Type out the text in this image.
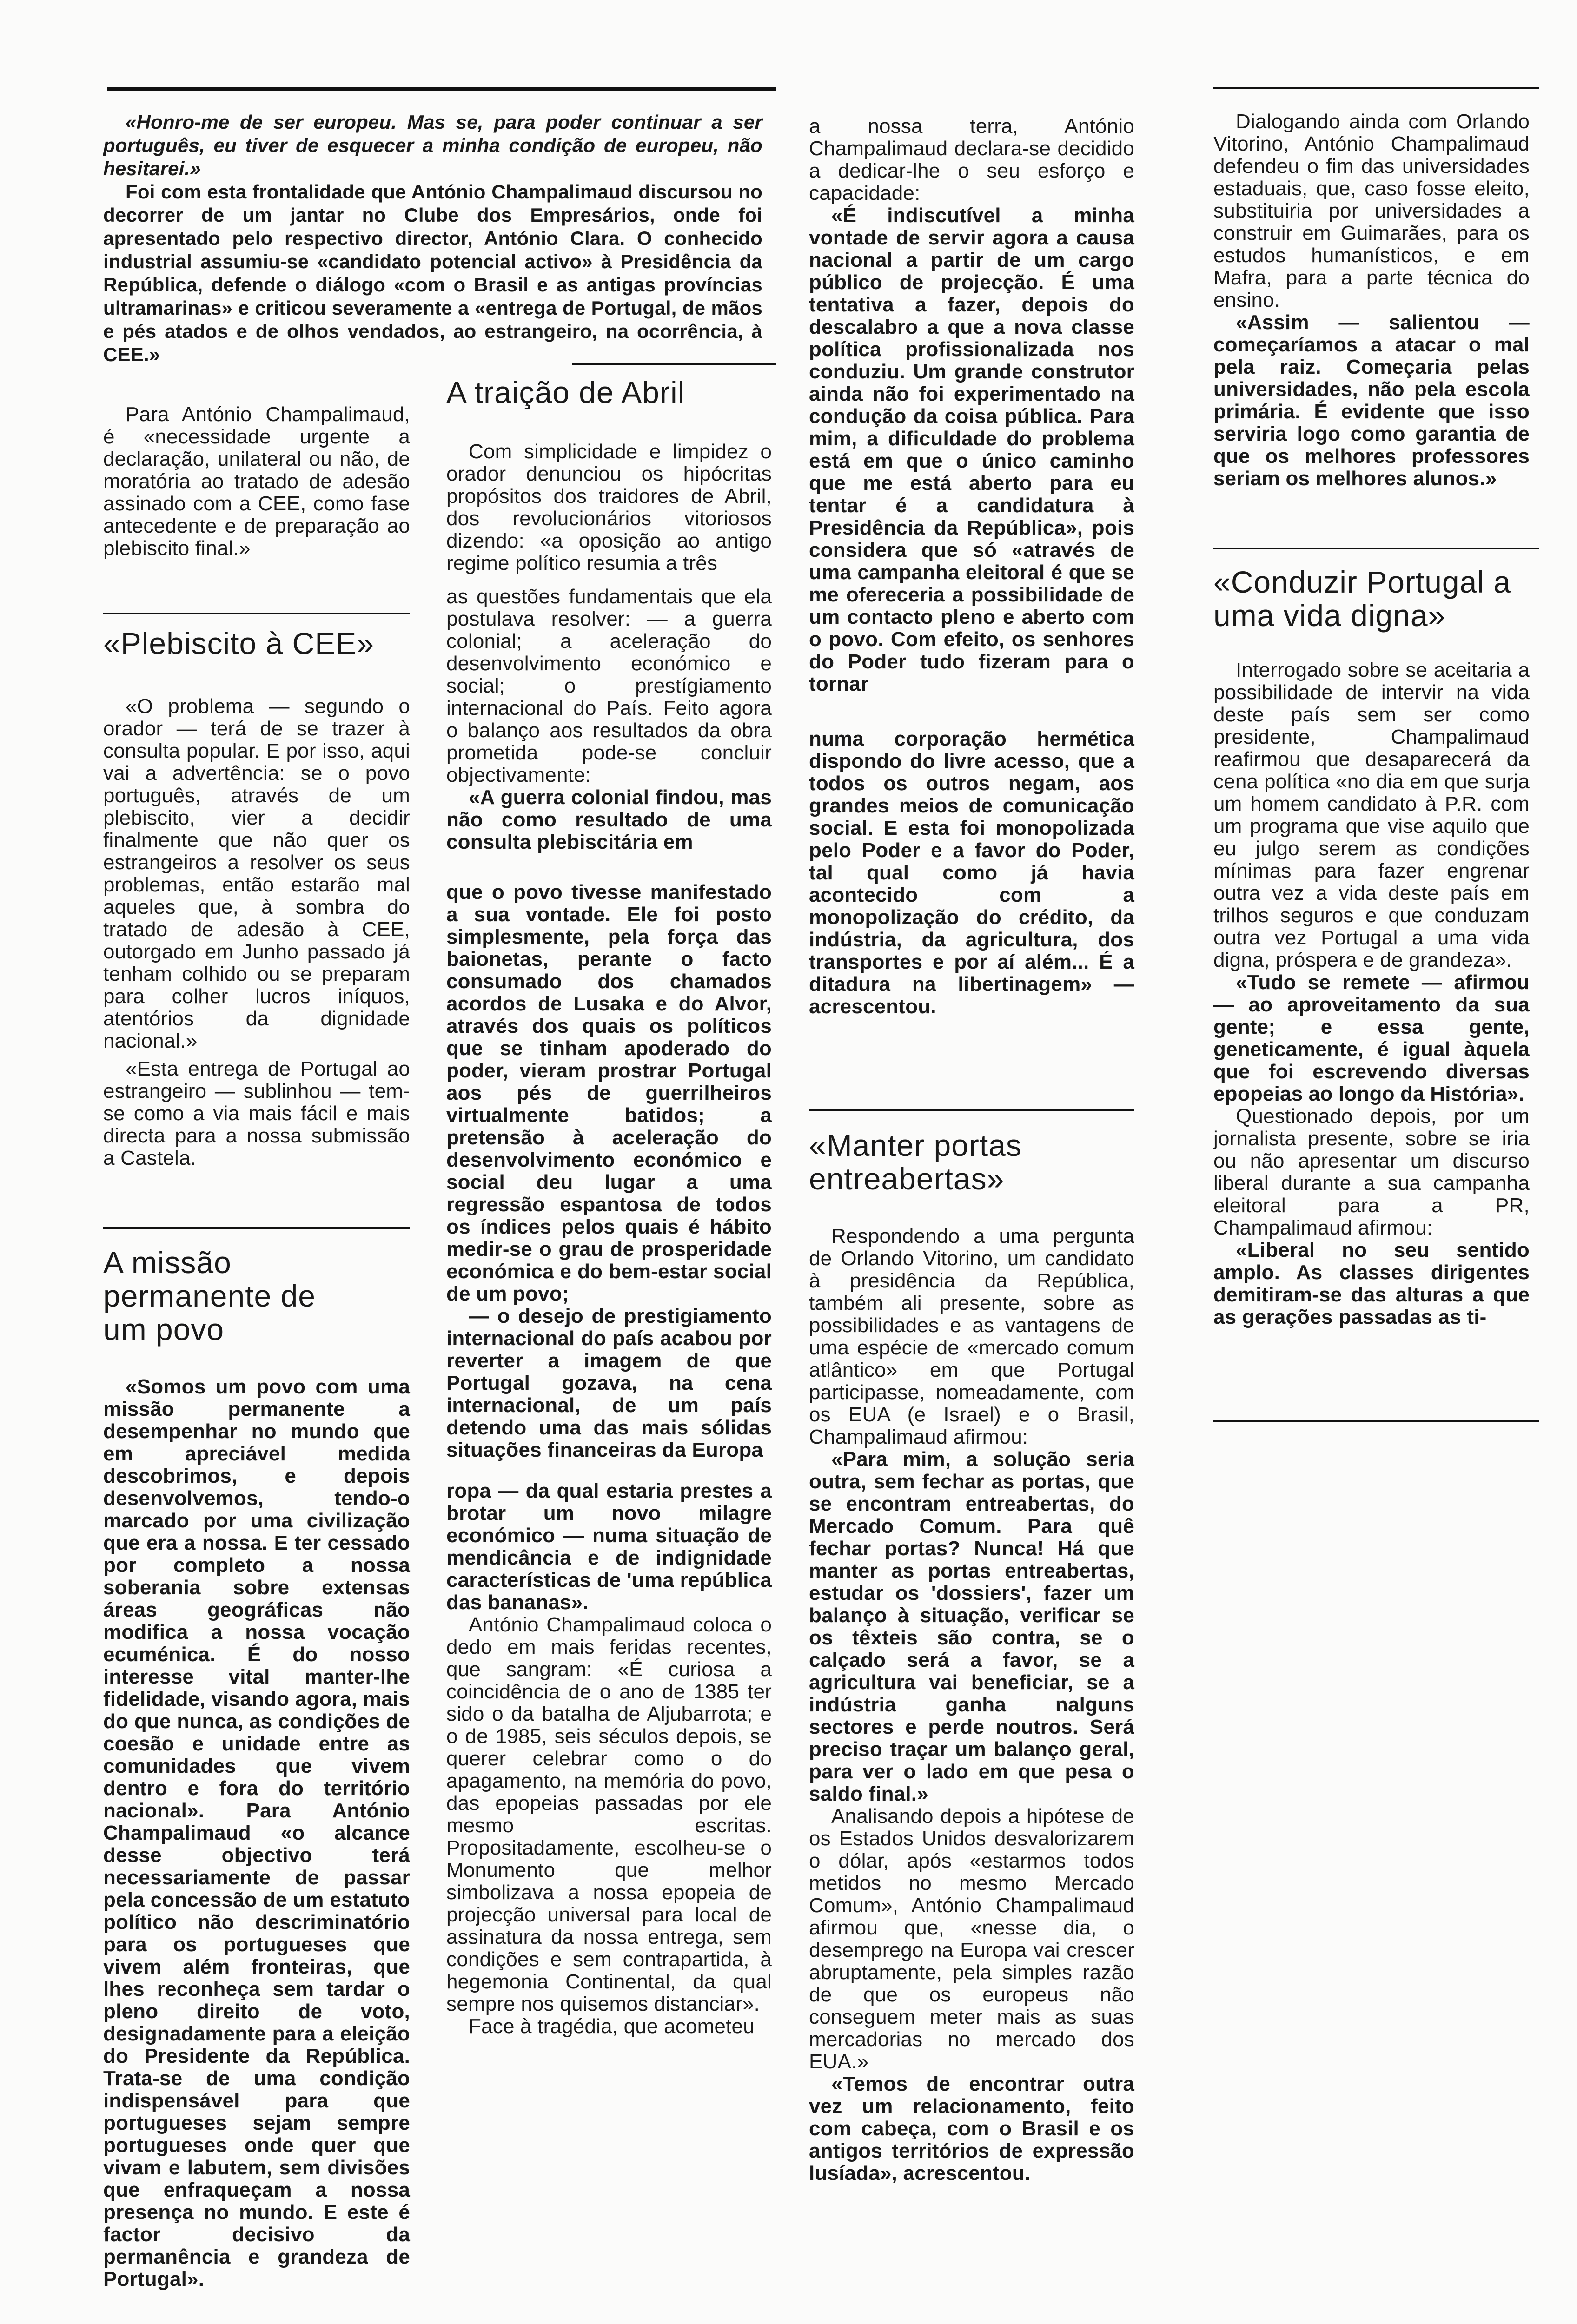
«Honro-me de ser europeu. Mas se, para poder continuar a ser português, eu tiver de esquecer a minha condição de europeu, não hesitarei.»

Foi com esta frontalidade que António Champalimaud discursou no decorrer de um jantar no Clube dos Empresários, onde foi apresentado pelo respectivo director, António Clara. O conhecido industrial assumiu-se «candidato potencial activo» à Presidência da República, defende o diálogo «com o Brasil e as antigas províncias ultramarinas» e criticou severamente a «entrega de Portugal, de mãos e pés atados e de olhos vendados, ao estrangeiro, na ocorrência, à CEE.»

Para António Champalimaud, é «necessidade urgente a declaração, unilateral ou não, de moratória ao tratado de adesão assinado com a CEE, como fase antecedente e de preparação ao plebiscito final.»

«Plebiscito à CEE»

«O problema — segundo o orador — terá de se trazer à consulta popular. E por isso, aqui vai a advertência: se o povo português, através de um plebiscito, vier a decidir finalmente que não quer os estrangeiros a resolver os seus problemas, então estarão mal aqueles que, à sombra do tratado de adesão à CEE, outorgado em Junho passado já tenham colhido ou se preparam para colher lucros iníquos, atentórios da dignidade nacional.»

«Esta entrega de Portugal ao estrangeiro — sublinhou — tem-se como a via mais fácil e mais directa para a nossa submissão a Castela.

A missão permanente de um povo

«Somos um povo com uma missão permanente a desempenhar no mundo que em apreciável medida descobrimos, e depois desenvolvemos, tendo-o marcado por uma civilização que era a nossa. E ter cessado por completo a nossa soberania sobre extensas áreas geográficas não modifica a nossa vocação ecuménica. É do nosso interesse vital manter-lhe fidelidade, visando agora, mais do que nunca, as condições de coesão e unidade entre as comunidades que vivem dentro e fora do território nacional». Para António Champalimaud «o alcance desse objectivo terá necessariamente de passar pela concessão de um estatuto político não descriminatório para os portugueses que vivem além fronteiras, que lhes reconheça sem tardar o pleno direito de voto, designadamente para a eleição do Presidente da República. Trata-se de uma condição indispensável para que portugueses sejam sempre portugueses onde quer que vivam e labutem, sem divisões que enfraqueçam a nossa presença no mundo. E este é factor decisivo da permanência e grandeza de Portugal».

A traição de Abril

Com simplicidade e limpidez o orador denunciou os hipócritas propósitos dos traidores de Abril, dos revolucionários vitoriosos dizendo: «a oposição ao antigo regime político resumia a três

as questões fundamentais que ela postulava resolver: — a guerra colonial; a aceleração do desenvolvimento económico e social; o prestígiamento internacional do País. Feito agora o balanço aos resultados da obra prometida pode-se concluir objectivamente:

«A guerra colonial findou, mas não como resultado de uma consulta plebiscitária em

que o povo tivesse manifestado a sua vontade. Ele foi posto simplesmente, pela força das baionetas, perante o facto consumado dos chamados acordos de Lusaka e do Alvor, através dos quais os políticos que se tinham apoderado do poder, vieram prostrar Portugal aos pés de guerrilheiros virtualmente batidos; a pretensão à aceleração do desenvolvimento económico e social deu lugar a uma regressão espantosa de todos os índices pelos quais é hábito medir-se o grau de prosperidade económica e do bem-estar social de um povo;

— o desejo de prestigiamento internacional do país acabou por reverter a imagem de que Portugal gozava, na cena internacional, de um país detendo uma das mais sólidas situações financeiras da Europa

ropa — da qual estaria prestes a brotar um novo milagre económico — numa situação de mendicância e de indignidade características de 'uma república das bananas».

António Champalimaud coloca o dedo em mais feridas recentes, que sangram: «É curiosa a coincidência de o ano de 1385 ter sido o da batalha de Aljubarrota; e o de 1985, seis séculos depois, se querer celebrar como o do apagamento, na memória do povo, das epopeias passadas por ele mesmo escritas. Propositadamente, escolheu-se o Monumento que melhor simbolizava a nossa epopeia de projecção universal para local de assinatura da nossa entrega, sem condições e sem contrapartida, à hegemonia Continental, da qual sempre nos quisemos distanciar».

Face à tragédia, que acometeu

a nossa terra, António Champalimaud declara-se decidido a dedicar-lhe o seu esforço e capacidade:

«É indiscutível a minha vontade de servir agora a causa nacional a partir de um cargo público de projecção. É uma tentativa a fazer, depois do descalabro a que a nova classe política profissionalizada nos conduziu. Um grande construtor ainda não foi experimentado na condução da coisa pública. Para mim, a dificuldade do problema está em que o único caminho que me está aberto para eu tentar é a candidatura à Presidência da República», pois considera que só «através de uma campanha eleitoral é que se me ofereceria a possibilidade de um contacto pleno e aberto com o povo. Com efeito, os senhores do Poder tudo fizeram para o tornar

numa corporação hermética dispondo do livre acesso, que a todos os outros negam, aos grandes meios de comunicação social. E esta foi monopolizada pelo Poder e a favor do Poder, tal qual como já havia acontecido com a monopolização do crédito, da indústria, da agricultura, dos transportes e por aí além... É a ditadura na libertinagem» — acrescentou.

«Manter portas entreabertas»

Respondendo a uma pergunta de Orlando Vitorino, um candidato à presidência da República, também ali presente, sobre as possibilidades e as vantagens de uma espécie de «mercado comum atlântico» em que Portugal participasse, nomeadamente, com os EUA (e Israel) e o Brasil, Champalimaud afirmou:

«Para mim, a solução seria outra, sem fechar as portas, que se encontram entreabertas, do Mercado Comum. Para quê fechar portas? Nunca! Há que manter as portas entreabertas, estudar os 'dossiers', fazer um balanço à situação, verificar se os têxteis são contra, se o calçado será a favor, se a agricultura vai beneficiar, se a indústria ganha nalguns sectores e perde noutros. Será preciso traçar um balanço geral, para ver o lado em que pesa o saldo final.»

Analisando depois a hipótese de os Estados Unidos desvalorizarem o dólar, após «estarmos todos metidos no mesmo Mercado Comum», António Champalimaud afirmou que, «nesse dia, o desemprego na Europa vai crescer abruptamente, pela simples razão de que os europeus não conseguem meter mais as suas mercadorias no mercado dos EUA.»

«Temos de encontrar outra vez um relacionamento, feito com cabeça, com o Brasil e os antigos territórios de expressão lusíada», acrescentou.

Dialogando ainda com Orlando Vitorino, António Champalimaud defendeu o fim das universidades estaduais, que, caso fosse eleito, substituiria por universidades a construir em Guimarães, para os estudos humanísticos, e em Mafra, para a parte técnica do ensino.

«Assim — salientou — começaríamos a atacar o mal pela raiz. Começaria pelas universidades, não pela escola primária. É evidente que isso serviria logo como garantia de que os melhores professores seriam os melhores alunos.»

«Conduzir Portugal a uma vida digna»

Interrogado sobre se aceitaria a possibilidade de intervir na vida deste país sem ser como presidente, Champalimaud reafirmou que desaparecerá da cena política «no dia em que surja um homem candidato à P.R. com um programa que vise aquilo que eu julgo serem as condições mínimas para fazer engrenar outra vez a vida deste país em trilhos seguros e que conduzam outra vez Portugal a uma vida digna, próspera e de grandeza».

«Tudo se remete — afirmou — ao aproveitamento da sua gente; e essa gente, geneticamente, é igual àquela que foi escrevendo diversas epopeias ao longo da História».

Questionado depois, por um jornalista presente, sobre se iria ou não apresentar um discurso liberal durante a sua campanha eleitoral para a PR, Champalimaud afirmou:

«Liberal no seu sentido amplo. As classes dirigentes demitiram-se das alturas a que as gerações passadas as ti-
